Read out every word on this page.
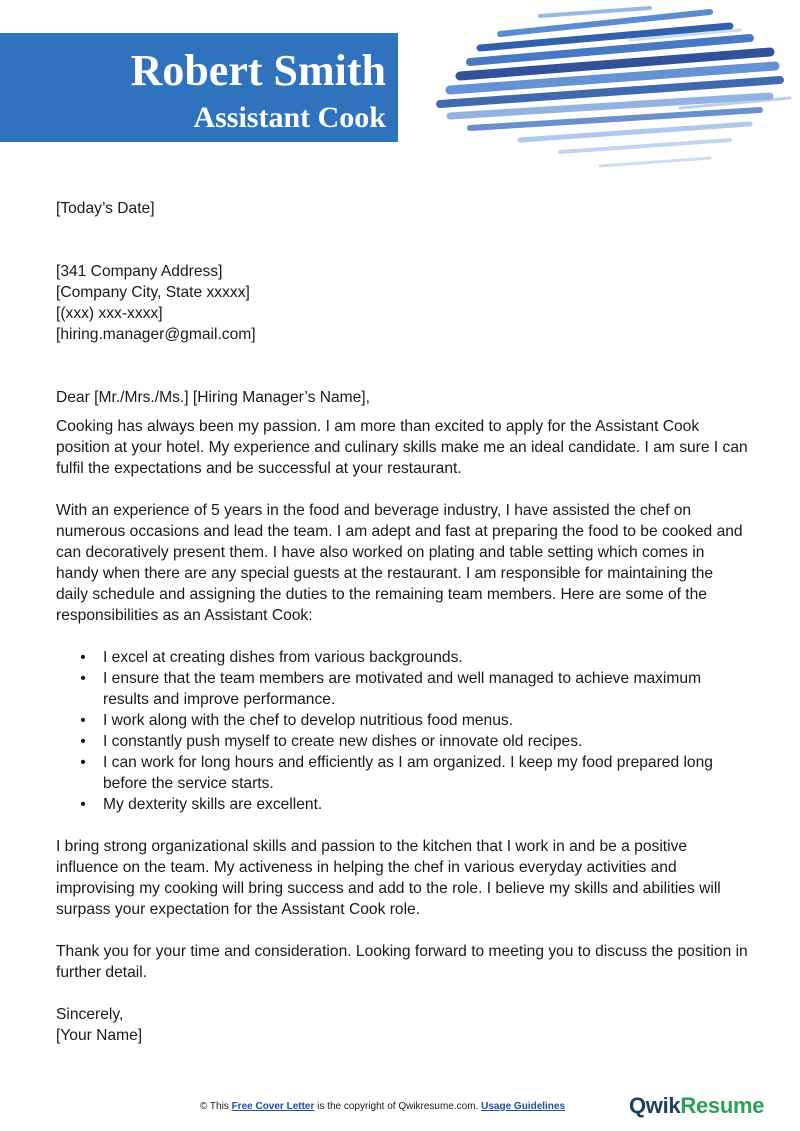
Robert Smith
Assistant Cook

[Today’s Date]

[341 Company Address]

[Company City, State xxxxx]

[(xxx) xxx-xxxx]

[hiring.manager@gmail.com]

Dear [Mr./Mrs./Ms.] [Hiring Manager’s Name],

Cooking has always been my passion. I am more than excited to apply for the Assistant Cook position at your hotel. My experience and culinary skills make me an ideal candidate. I am sure I can fulfil the expectations and be successful at your restaurant.

With an experience of 5 years in the food and beverage industry, I have assisted the chef on numerous occasions and lead the team. I am adept and fast at preparing the food to be cooked and can decoratively present them. I have also worked on plating and table setting which comes in handy when there are any special guests at the restaurant. I am responsible for maintaining the daily schedule and assigning the duties to the remaining team members. Here are some of the responsibilities as an Assistant Cook:

• I excel at creating dishes from various backgrounds.
• I ensure that the team members are motivated and well managed to achieve maximum results and improve performance.
• I work along with the chef to develop nutritious food menus.
• I constantly push myself to create new dishes or innovate old recipes.
• I can work for long hours and efficiently as I am organized. I keep my food prepared long before the service starts.
• My dexterity skills are excellent.

I bring strong organizational skills and passion to the kitchen that I work in and be a positive influence on the team. My activeness in helping the chef in various everyday activities and improvising my cooking will bring success and add to the role. I believe my skills and abilities will surpass your expectation for the Assistant Cook role.

Thank you for your time and consideration. Looking forward to meeting you to discuss the position in further detail.

Sincerely,

[Your Name]

© This Free Cover Letter is the copyright of Qwikresume.com. Usage Guidelines	QwikResume
